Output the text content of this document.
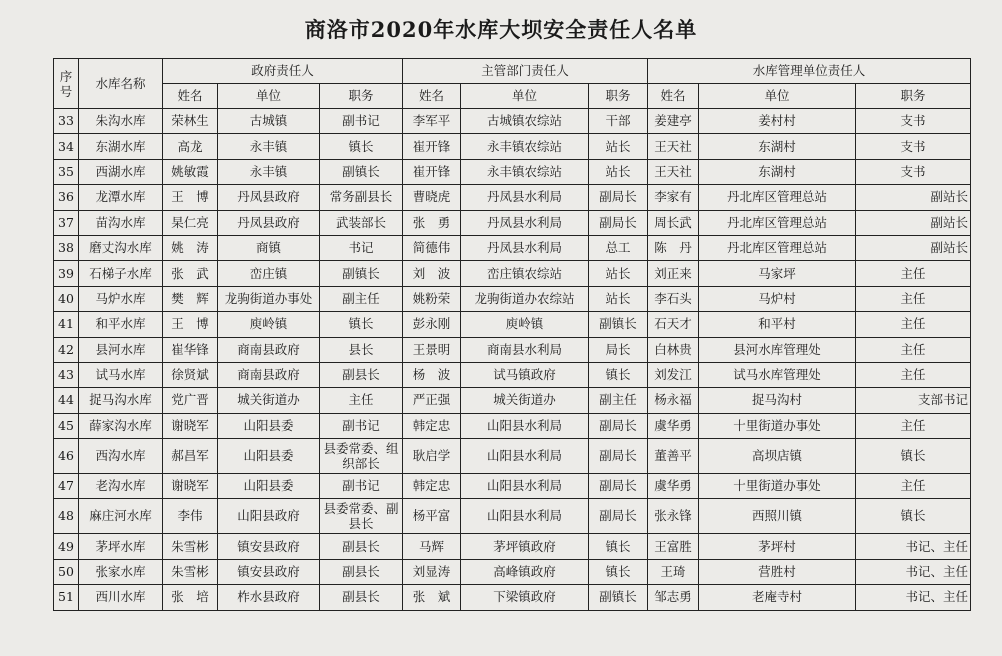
商洛市2020年水库大坝安全责任人名单
序号	水库名称	政府责任人			主管部门责任人			水库管理单位责任人		
		姓名	单位	职务	姓名	单位	职务	姓名	单位	职务
33	朱沟水库	荣林生	古城镇	副书记	李军平	古城镇农综站	干部	姜建亭	姜村村	支书
34	东湖水库	高龙	永丰镇	镇长	崔开锋	永丰镇农综站	站长	王天社	东湖村	支书
35	西湖水库	姚敏霞	永丰镇	副镇长	崔开锋	永丰镇农综站	站长	王天社	东湖村	支书
36	龙潭水库	王　博	丹凤县政府	常务副县长	曹晓虎	丹凤县水利局	副局长	李家有	丹北库区管理总站	副站长
37	苗沟水库	杲仁亮	丹凤县政府	武装部长	张　勇	丹凤县水利局	副局长	周长武	丹北库区管理总站	副站长
38	磨丈沟水库	姚　涛	商镇	书记	简德伟	丹凤县水利局	总工	陈　丹	丹北库区管理总站	副站长
39	石梯子水库	张　武	峦庄镇	副镇长	刘　波	峦庄镇农综站	站长	刘正来	马家坪	主任
40	马炉水库	樊　辉	龙驹街道办事处	副主任	姚粉荣	龙驹街道办农综站	站长	李石头	马炉村	主任
41	和平水库	王　博	庾岭镇	镇长	彭永刚	庾岭镇	副镇长	石天才	和平村	主任
42	县河水库	崔华锋	商南县政府	县长	王景明	商南县水利局	局长	白林贵	县河水库管理处	主任
43	试马水库	徐贤斌	商南县政府	副县长	杨　波	试马镇政府	镇长	刘发江	试马水库管理处	主任
44	捉马沟水库	党广晋	城关街道办	主任	严正强	城关街道办	副主任	杨永福	捉马沟村	支部书记
45	薛家沟水库	谢晓军	山阳县委	副书记	韩定忠	山阳县水利局	副局长	虞华勇	十里街道办事处	主任
46	西沟水库	郝昌军	山阳县委	县委常委、组织部长	耿启学	山阳县水利局	副局长	董善平	高坝店镇	镇长
47	老沟水库	谢晓军	山阳县委	副书记	韩定忠	山阳县水利局	副局长	虞华勇	十里街道办事处	主任
48	麻庄河水库	李伟	山阳县政府	县委常委、副县长	杨平富	山阳县水利局	副局长	张永锋	西照川镇	镇长
49	茅坪水库	朱雪彬	镇安县政府	副县长	马辉	茅坪镇政府	镇长	王富胜	茅坪村	书记、主任
50	张家水库	朱雪彬	镇安县政府	副县长	刘显涛	高峰镇政府	镇长	王琦	营胜村	书记、主任
51	西川水库	张　培	柞水县政府	副县长	张　斌	下梁镇政府	副镇长	邹志勇	老庵寺村	书记、主任
